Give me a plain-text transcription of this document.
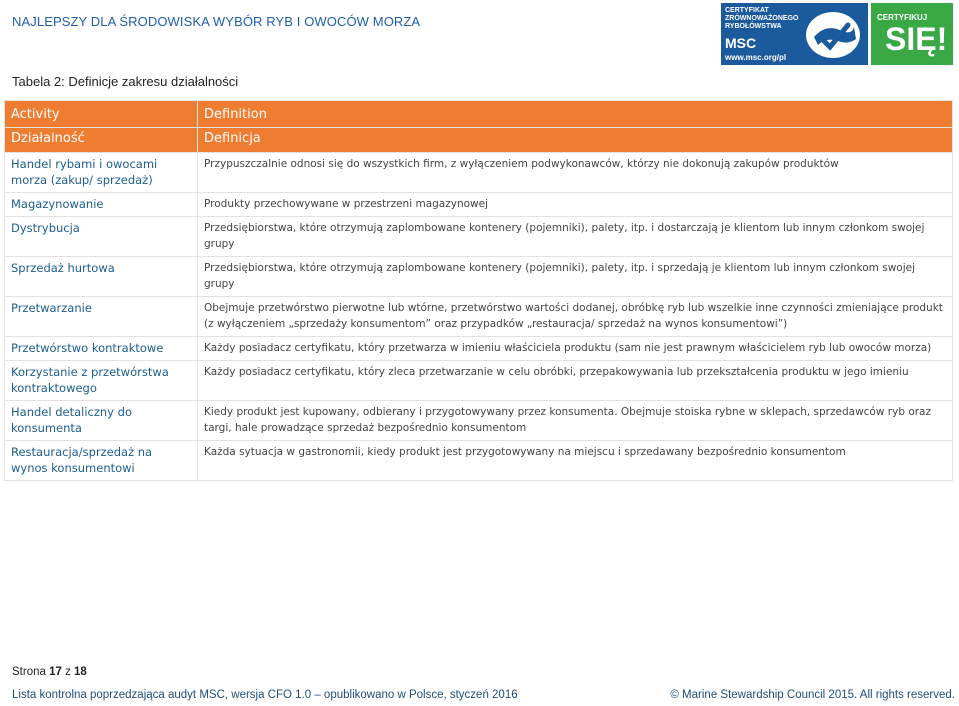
NAJLEPSZY DLA ŚRODOWISKA WYBÓR RYB I OWOCÓW MORZA
CERTYFIKAT
ZRÓWNOWAŻONEGO
RYBOŁÓWSTWA
MSC
www.msc.org/pl
CERTYFIKUJ
SIĘ!
Tabela 2: Definicje zakresu działalności
Activity	Definition
Działalność	Definicja
Handel rybami i owocami morza (zakup/ sprzedaż)	Przypuszczalnie odnosi się do wszystkich firm, z wyłączeniem podwykonawców, którzy nie dokonują zakupów produktów
Magazynowanie	Produkty przechowywane w przestrzeni magazynowej
Dystrybucja	Przedsiębiorstwa, które otrzymują zaplombowane kontenery (pojemniki), palety, itp. i dostarczają je klientom lub innym członkom swojej grupy
Sprzedaż hurtowa	Przedsiębiorstwa, które otrzymują zaplombowane kontenery (pojemniki), palety, itp. i sprzedają je klientom lub innym członkom swojej grupy
Przetwarzanie	Obejmuje przetwórstwo pierwotne lub wtórne, przetwórstwo wartości dodanej, obróbkę ryb lub wszelkie inne czynności zmieniające produkt (z wyłączeniem „sprzedaży konsumentom” oraz przypadków „restauracja/ sprzedaż na wynos konsumentowi”)
Przetwórstwo kontraktowe	Każdy posiadacz certyfikatu, który przetwarza w imieniu właściciela produktu (sam nie jest prawnym właścicielem ryb lub owoców morza)
Korzystanie z przetwórstwa kontraktowego	Każdy posiadacz certyfikatu, który zleca przetwarzanie w celu obróbki, przepakowywania lub przekształcenia produktu w jego imieniu
Handel detaliczny do konsumenta	Kiedy produkt jest kupowany, odbierany i przygotowywany przez konsumenta. Obejmuje stoiska rybne w sklepach, sprzedawców ryb oraz targi, hale prowadzące sprzedaż bezpośrednio konsumentom
Restauracja/sprzedaż na wynos konsumentowi	Każda sytuacja w gastronomii, kiedy produkt jest przygotowywany na miejscu i sprzedawany bezpośrednio konsumentom
Strona 17 z 18
Lista kontrolna poprzedzająca audyt MSC, wersja CFO 1.0 – opublikowano w Polsce, styczeń 2016	© Marine Stewardship Council 2015. All rights reserved.
